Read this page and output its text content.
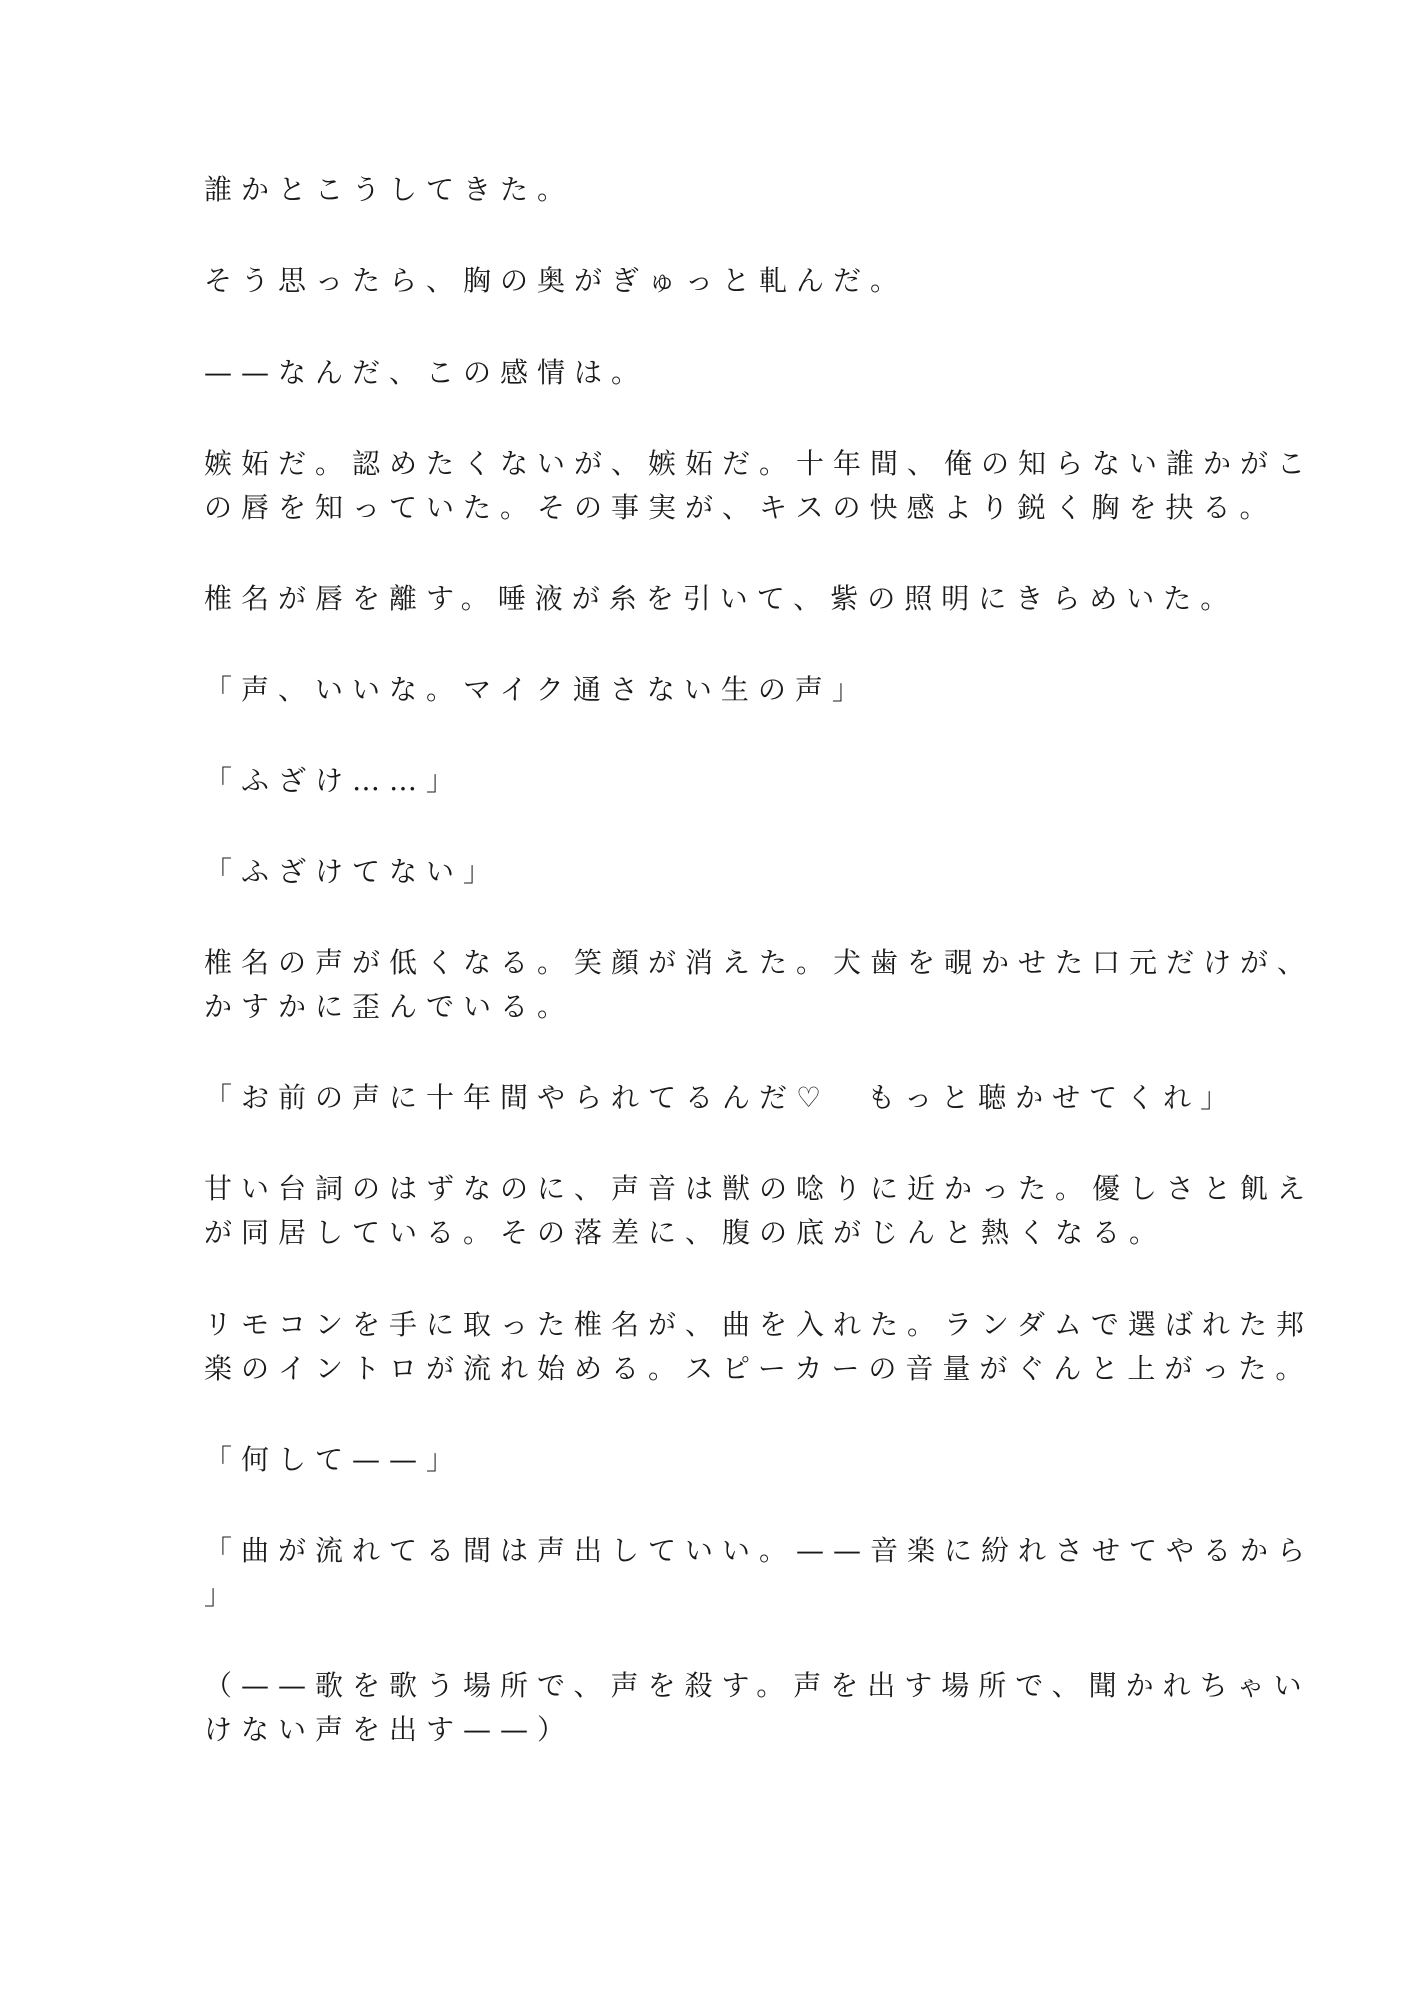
誰かとこうしてきた。

そう思ったら、胸の奥がぎゅっと軋んだ。

——なんだ、この感情は。

嫉妬だ。認めたくないが、嫉妬だ。十年間、俺の知らない誰かがこ
の唇を知っていた。その事実が、キスの快感より鋭く胸を抉る。

椎名が唇を離す。唾液が糸を引いて、紫の照明にきらめいた。

「声、いいな。マイク通さない生の声」

「ふざけ……」

「ふざけてない」

椎名の声が低くなる。笑顔が消えた。犬歯を覗かせた口元だけが、
かすかに歪んでいる。

「お前の声に十年間やられてるんだ♡　もっと聴かせてくれ」

甘い台詞のはずなのに、声音は獣の唸りに近かった。優しさと飢え
が同居している。その落差に、腹の底がじんと熱くなる。

リモコンを手に取った椎名が、曲を入れた。ランダムで選ばれた邦
楽のイントロが流れ始める。スピーカーの音量がぐんと上がった。

「何して——」

「曲が流れてる間は声出していい。——音楽に紛れさせてやるから
」

（——歌を歌う場所で、声を殺す。声を出す場所で、聞かれちゃい
けない声を出す——）
